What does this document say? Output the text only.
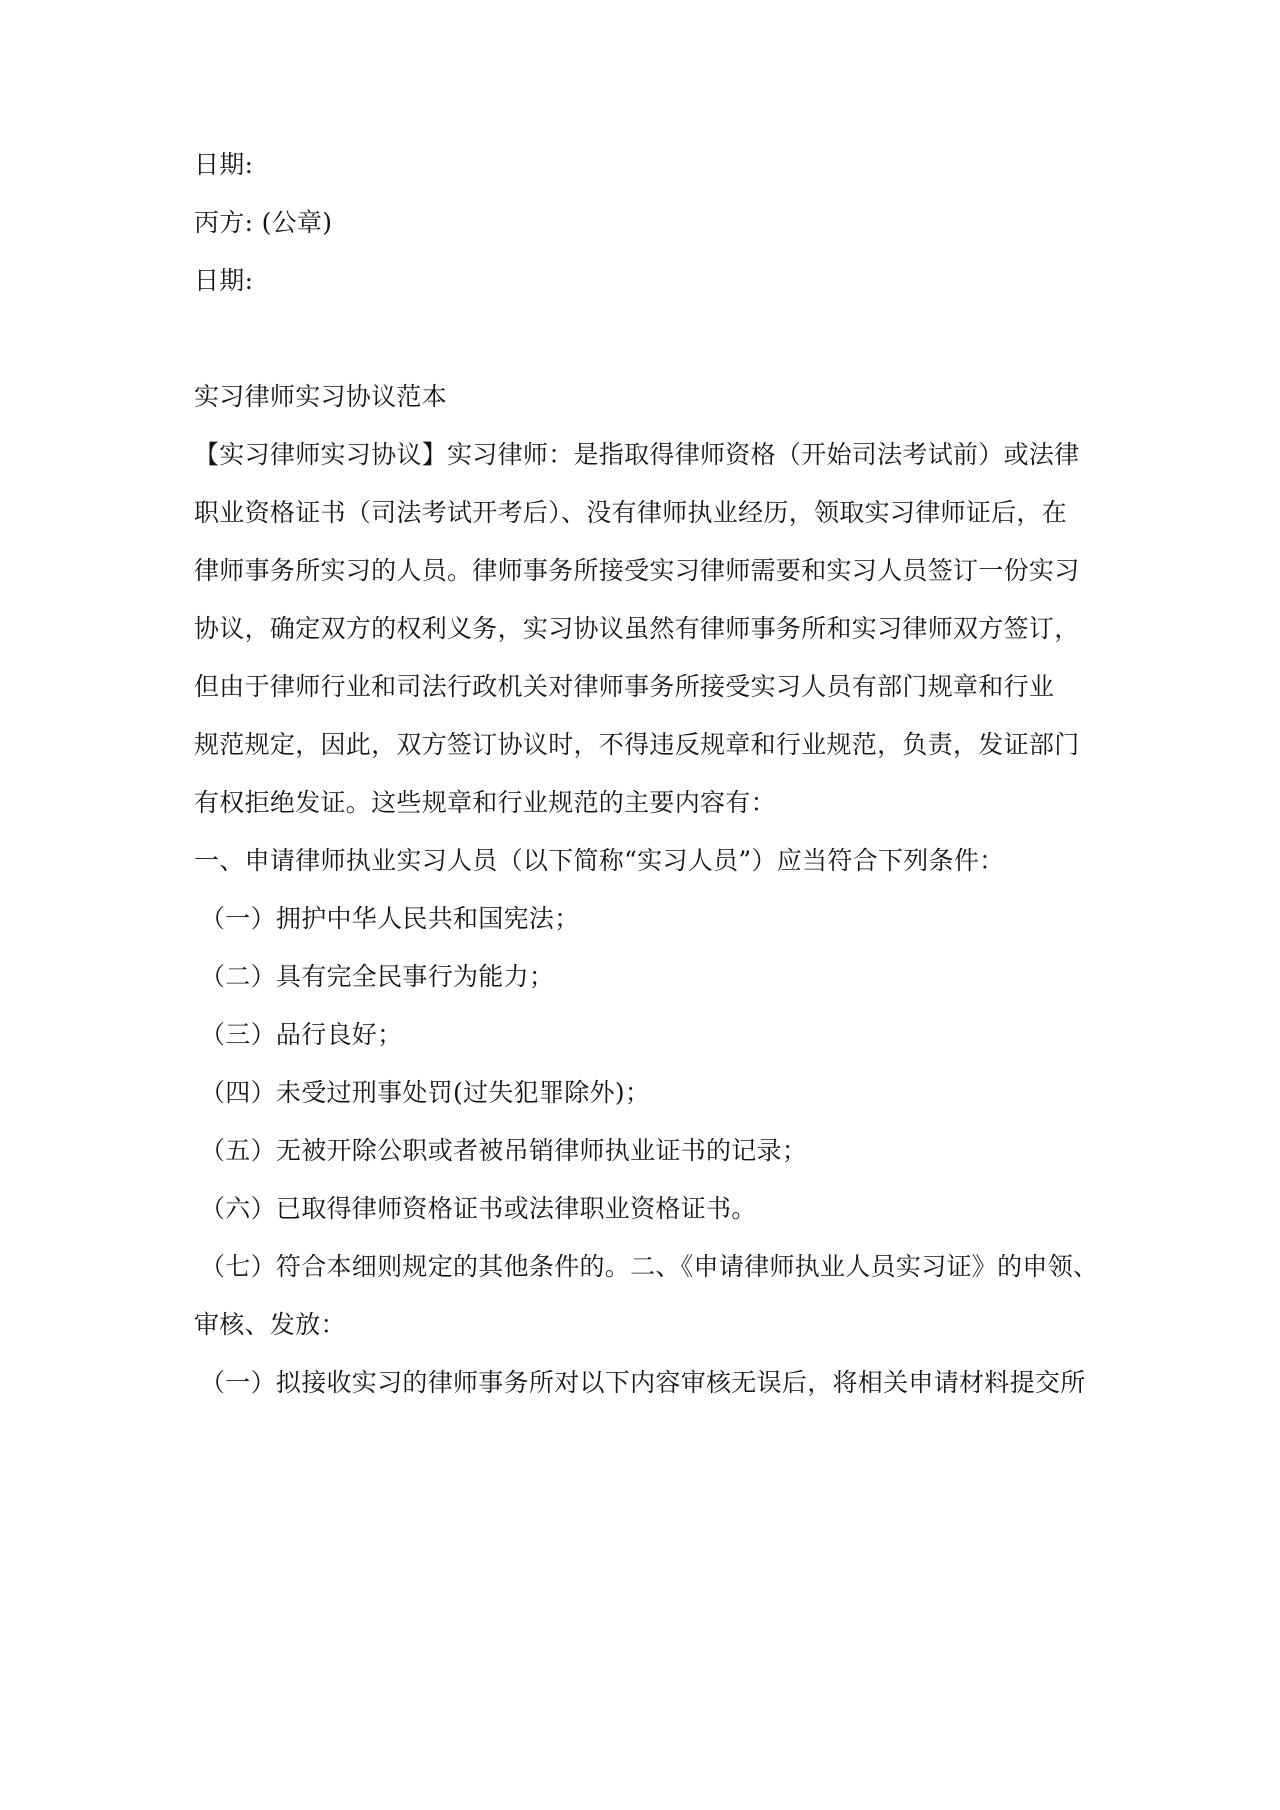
日期:
丙方: (公章)
日期:
实习律师实习协议范本
【实习律师实习协议】实习律师：是指取得律师资格（开始司法考试前）或法律
职业资格证书（司法考试开考后）、没有律师执业经历，领取实习律师证后，在
律师事务所实习的人员。律师事务所接受实习律师需要和实习人员签订一份实习
协议，确定双方的权利义务，实习协议虽然有律师事务所和实习律师双方签订，
但由于律师行业和司法行政机关对律师事务所接受实习人员有部门规章和行业
规范规定，因此，双方签订协议时，不得违反规章和行业规范，负责，发证部门
有权拒绝发证。这些规章和行业规范的主要内容有：
一、申请律师执业实习人员（以下简称“实习人员”）应当符合下列条件：
（一）拥护中华人民共和国宪法；
（二）具有完全民事行为能力；
（三）品行良好；
（四）未受过刑事处罚(过失犯罪除外)；
（五）无被开除公职或者被吊销律师执业证书的记录；
（六）已取得律师资格证书或法律职业资格证书。
（七）符合本细则规定的其他条件的。二、《申请律师执业人员实习证》的申领、
审核、发放：
（一）拟接收实习的律师事务所对以下内容审核无误后，将相关申请材料提交所
